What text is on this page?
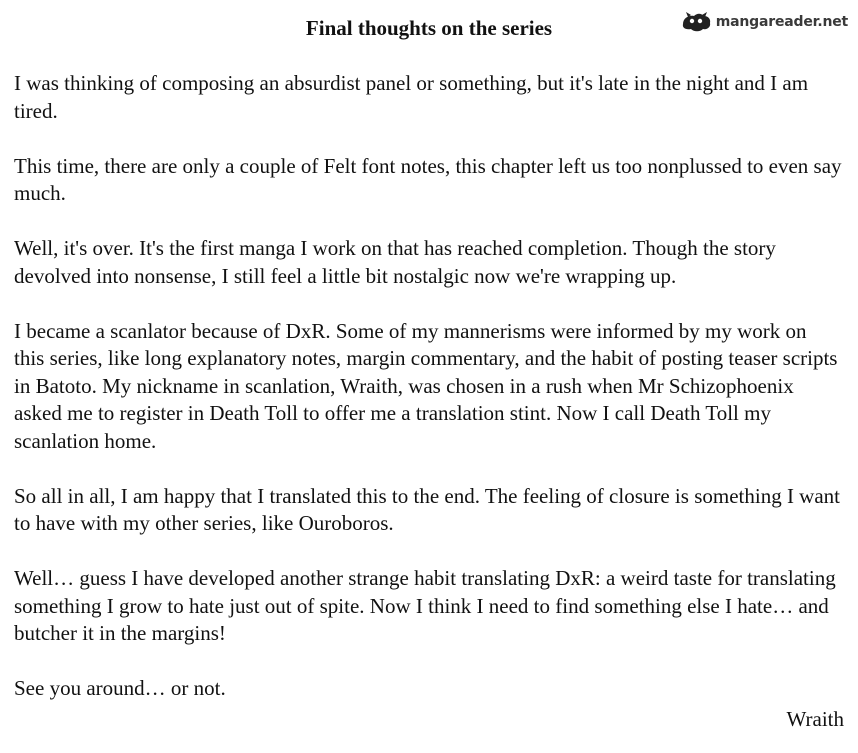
mangareader.net
Final thoughts on the series

I was thinking of composing an absurdist panel or something, but it's late in the night and I am tired.

This time, there are only a couple of Felt font notes, this chapter left us too nonplussed to even say much.

Well, it's over. It's the first manga I work on that has reached completion. Though the story devolved into nonsense, I still feel a little bit nostalgic now we're wrapping up.

I became a scanlator because of DxR. Some of my mannerisms were informed by my work on this series, like long explanatory notes, margin commentary, and the habit of posting teaser scripts in Batoto. My nickname in scanlation, Wraith, was chosen in a rush when Mr Schizophoenix asked me to register in Death Toll to offer me a translation stint. Now I call Death Toll my scanlation home.

So all in all, I am happy that I translated this to the end. The feeling of closure is something I want to have with my other series, like Ouroboros.

Well… guess I have developed another strange habit translating DxR: a weird taste for translating something I grow to hate just out of spite. Now I think I need to find something else I hate… and butcher it in the margins!

See you around… or not.

Wraith
